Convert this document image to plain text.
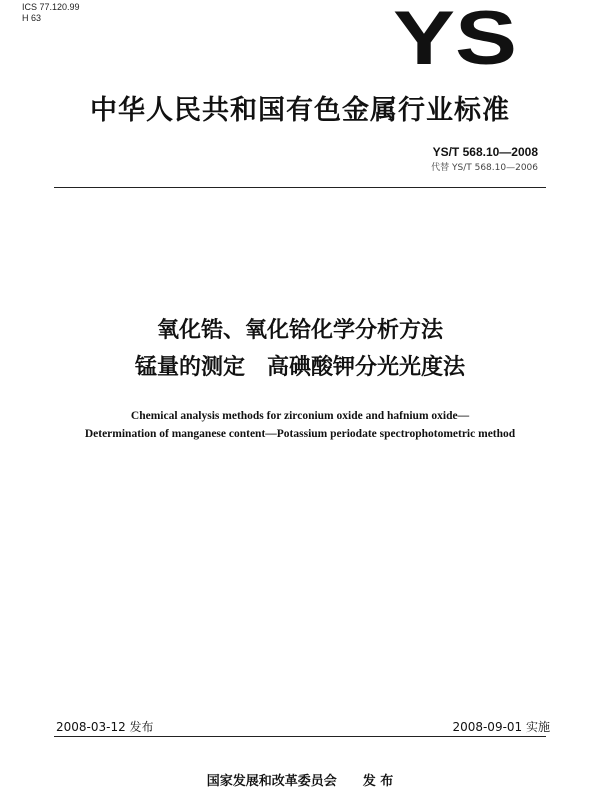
ICS 77.120.99
H 63	YS
中华人民共和国有色金属行业标准
YS/T 568.10—2008
代替 YS/T 568.10—2006
氧化锆、氧化铪化学分析方法
锰量的测定　高碘酸钾分光光度法
Chemical analysis methods for zirconium oxide and hafnium oxide—
Determination of manganese content—Potassium periodate spectrophotometric method
2008-03-12 发布	2008-09-01 实施
国家发展和改革委员会　　发 布
